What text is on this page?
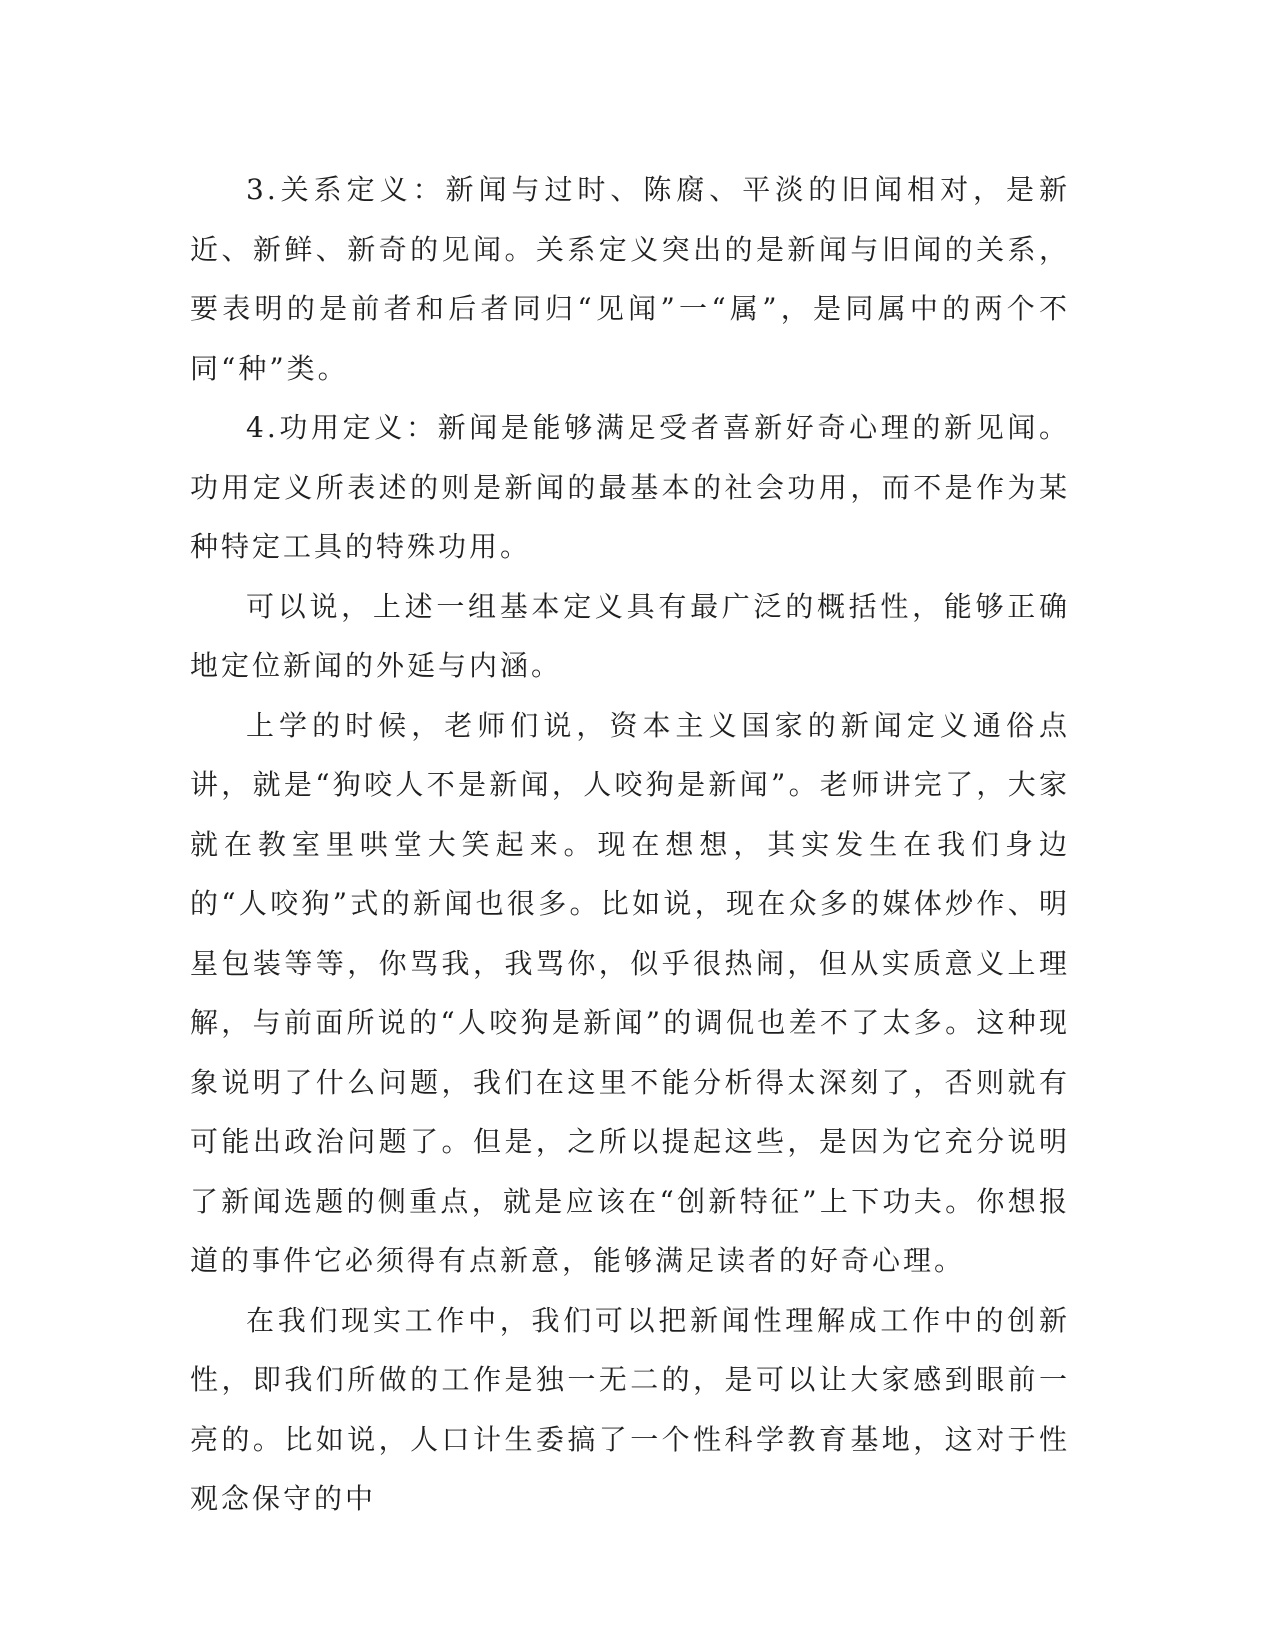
3.关系定义：新闻与过时、陈腐、平淡的旧闻相对，是新近、新鲜、新奇的见闻。关系定义突出的是新闻与旧闻的关系，要表明的是前者和后者同归“见闻”一“属”，是同属中的两个不同“种”类。

4.功用定义：新闻是能够满足受者喜新好奇心理的新见闻。功用定义所表述的则是新闻的最基本的社会功用，而不是作为某种特定工具的特殊功用。

可以说，上述一组基本定义具有最广泛的概括性，能够正确地定位新闻的外延与内涵。

上学的时候，老师们说，资本主义国家的新闻定义通俗点讲，就是“狗咬人不是新闻，人咬狗是新闻”。老师讲完了，大家就在教室里哄堂大笑起来。现在想想，其实发生在我们身边的“人咬狗”式的新闻也很多。比如说，现在众多的媒体炒作、明星包装等等，你骂我，我骂你，似乎很热闹，但从实质意义上理解，与前面所说的“人咬狗是新闻”的调侃也差不了太多。这种现象说明了什么问题，我们在这里不能分析得太深刻了，否则就有可能出政治问题了。但是，之所以提起这些，是因为它充分说明了新闻选题的侧重点，就是应该在“创新特征”上下功夫。你想报道的事件它必须得有点新意，能够满足读者的好奇心理。

在我们现实工作中，我们可以把新闻性理解成工作中的创新性，即我们所做的工作是独一无二的，是可以让大家感到眼前一亮的。比如说，人口计生委搞了一个性科学教育基地，这对于性观念保守的中
